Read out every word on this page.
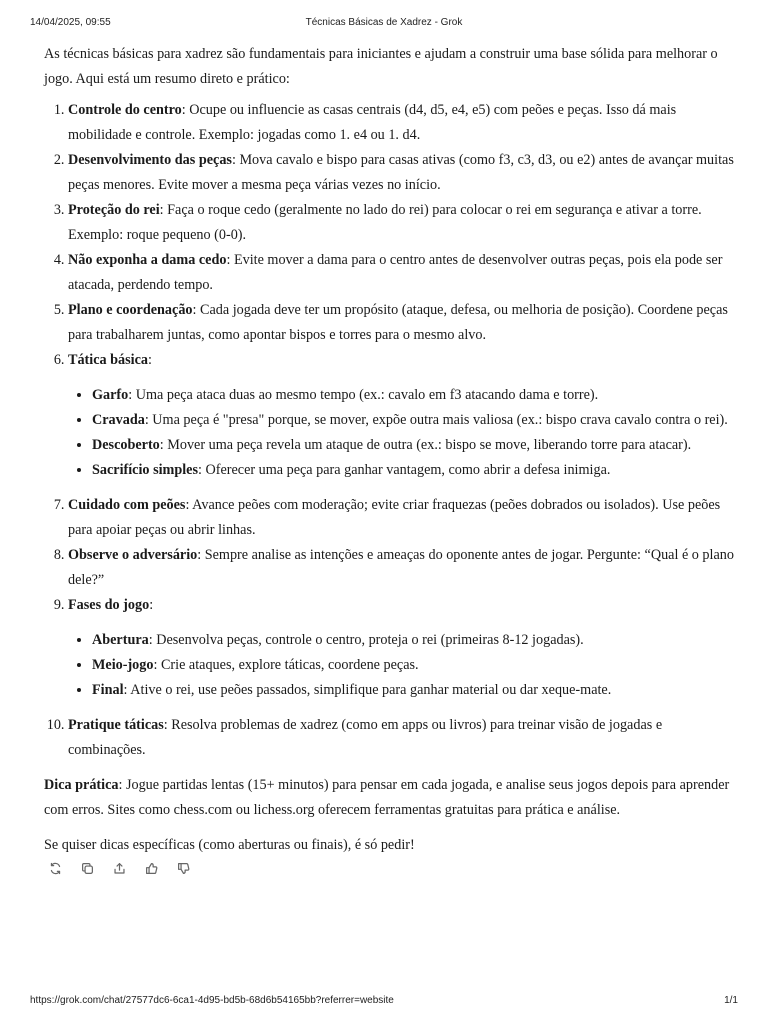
14/04/2025, 09:55	Técnicas Básicas de Xadrez - Grok

As técnicas básicas para xadrez são fundamentais para iniciantes e ajudam a construir uma base sólida para melhorar o jogo. Aqui está um resumo direto e prático:

1. Controle do centro: Ocupe ou influencie as casas centrais (d4, d5, e4, e5) com peões e peças. Isso dá mais mobilidade e controle. Exemplo: jogadas como 1. e4 ou 1. d4.
2. Desenvolvimento das peças: Mova cavalo e bispo para casas ativas (como f3, c3, d3, ou e2) antes de avançar muitas peças menores. Evite mover a mesma peça várias vezes no início.
3. Proteção do rei: Faça o roque cedo (geralmente no lado do rei) para colocar o rei em segurança e ativar a torre. Exemplo: roque pequeno (0-0).
4. Não exponha a dama cedo: Evite mover a dama para o centro antes de desenvolver outras peças, pois ela pode ser atacada, perdendo tempo.
5. Plano e coordenação: Cada jogada deve ter um propósito (ataque, defesa, ou melhoria de posição). Coordene peças para trabalharem juntas, como apontar bispos e torres para o mesmo alvo.
6. Tática básica:
• Garfo: Uma peça ataca duas ao mesmo tempo (ex.: cavalo em f3 atacando dama e torre).
• Cravada: Uma peça é "presa" porque, se mover, expõe outra mais valiosa (ex.: bispo crava cavalo contra o rei).
• Descoberto: Mover uma peça revela um ataque de outra (ex.: bispo se move, liberando torre para atacar).
• Sacrifício simples: Oferecer uma peça para ganhar vantagem, como abrir a defesa inimiga.
7. Cuidado com peões: Avance peões com moderação; evite criar fraquezas (peões dobrados ou isolados). Use peões para apoiar peças ou abrir linhas.
8. Observe o adversário: Sempre analise as intenções e ameaças do oponente antes de jogar. Pergunte: “Qual é o plano dele?”
9. Fases do jogo:
• Abertura: Desenvolva peças, controle o centro, proteja o rei (primeiras 8-12 jogadas).
• Meio-jogo: Crie ataques, explore táticas, coordene peças.
• Final: Ative o rei, use peões passados, simplifique para ganhar material ou dar xeque-mate.
10. Pratique táticas: Resolva problemas de xadrez (como em apps ou livros) para treinar visão de jogadas e combinações.

Dica prática: Jogue partidas lentas (15+ minutos) para pensar em cada jogada, e analise seus jogos depois para aprender com erros. Sites como chess.com ou lichess.org oferecem ferramentas gratuitas para prática e análise.

Se quiser dicas específicas (como aberturas ou finais), é só pedir!

https://grok.com/chat/27577dc6-6ca1-4d95-bd5b-68d6b54165bb?referrer=website	1/1
